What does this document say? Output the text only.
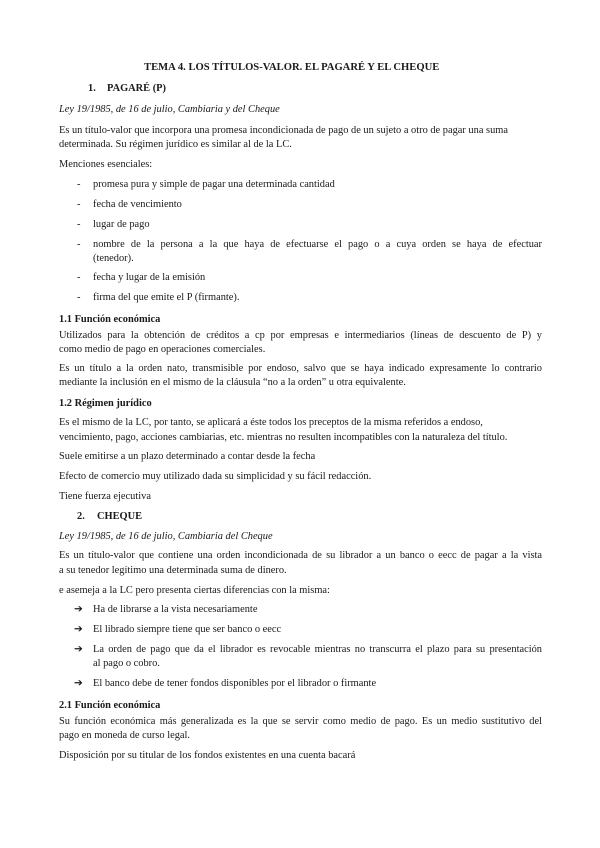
TEMA 4. LOS TÍTULOS-VALOR. EL PAGARÉ Y EL CHEQUE
1. PAGARÉ (P)
Ley 19/1985, de 16 de julio, Cambiaria y del Cheque
Es un título-valor que incorpora una promesa incondicionada de pago de un sujeto a otro de pagar una suma
determinada. Su régimen jurídico es similar al de la LC.
Menciones esenciales:
- promesa pura y simple de pagar una determinada cantidad
- fecha de vencimiento
- lugar de pago
- nombre de la persona a la que haya de efectuarse el pago o a cuya orden se haya de efectuar
(tenedor).
- fecha y lugar de la emisión
- firma del que emite el P (firmante).
1.1 Función económica
Utilizados para la obtención de créditos a cp por empresas e intermediarios (líneas de descuento de P) y
como medio de pago en operaciones comerciales.
Es un título a la orden nato, transmisible por endoso, salvo que se haya indicado expresamente lo contrario
mediante la inclusión en el mismo de la cláusula “no a la orden” u otra equivalente.
1.2 Régimen jurídico
Es el mismo de la LC, por tanto, se aplicará a éste todos los preceptos de la misma referidos a endoso,
vencimiento, pago, acciones cambiarias, etc. mientras no resulten incompatibles con la naturaleza del título.
Suele emitirse a un plazo determinado a contar desde la fecha
Efecto de comercio muy utilizado dada su simplicidad y su fácil redacción.
Tiene fuerza ejecutiva
2. CHEQUE
Ley 19/1985, de 16 de julio, Cambiaria del Cheque
Es un título-valor que contiene una orden incondicionada de su librador a un banco o eecc de pagar a la vista
a su tenedor legítimo una determinada suma de dinero.
e asemeja a la LC pero presenta ciertas diferencias con la misma:
➔ Ha de librarse a la vista necesariamente
➔ El librado siempre tiene que ser banco o eecc
➔ La orden de pago que da el librador es revocable mientras no transcurra el plazo para su presentación
al pago o cobro.
➔ El banco debe de tener fondos disponibles por el librador o firmante
2.1 Función económica
Su función económica más generalizada es la que se servir como medio de pago. Es un medio sustitutivo del
pago en moneda de curso legal.
Disposición por su titular de los fondos existentes en una cuenta bacará
